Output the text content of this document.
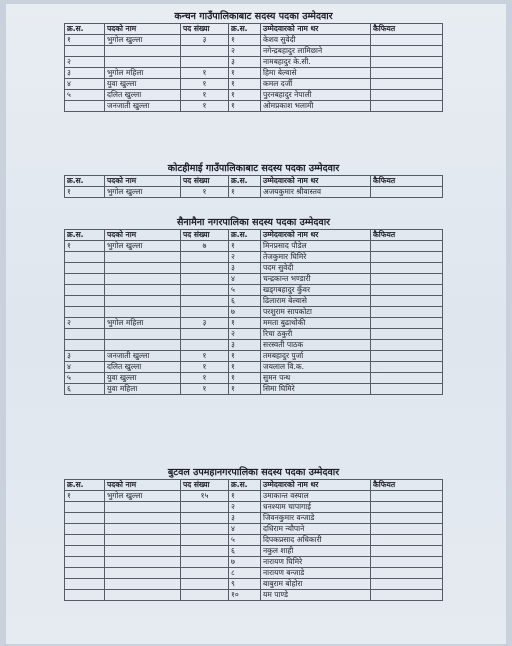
कन्चन गाउँपालिकाबाट सदस्य पदका उम्मेदवार
क्र.स.	पदको नाम	पद संख्या	क्र.स.	उम्मेदवारको नाम थर	कैफियत
१	भुगोल खुल्ला	३	१	केशव सुवेदी	
			२	नगेन्द्रबहादुर लामिछाने	
२			३	नामबहादुर के.सी.	
३	भुगोल महिला	१	१	हिमा बेल्वासे	
४	युवा खुल्ला	१	१	कमल दर्जी	
५	दलित खुल्ला	१	१	पुरनबहादुर नेपाली	
	जनजाती खुल्ला	१	१	ओमप्रकाश भलामी	
कोटहीमाई गाउँपालिकाबाट सदस्य पदका उम्मेदवार
क्र.स.	पदको नाम	पद संख्या	क्र.स.	उम्मेदवारको नाम थर	कैफियत
१	भुगोल खुल्ला	१	१	अजयकुमार श्रीवास्तव	
सैनामैना नगरपालिका सदस्य पदका उम्मेदवार
क्र.स.	पदको नाम	पद संख्या	क्र.स.	उम्मेदवारको नाम थर	कैफियत
१	भुगोल खुल्ला	७	१	मिनप्रसाद पौडेल	
			२	तेजकुमार घिमिरे	
			३	पदम सुवेदी	
			४	चन्द्रकान्त भण्डारी	
			५	खड्गबहादुर कुँवर	
			६	ढिलाराम बेल्वासे	
			७	परशुराम सापकोटा	
२	भुगोल महिला	३	१	ममता बुढाथोकी	
			२	रिचा ठकुरी	
			३	सरस्वती पाठक	
३	जनजाती खुल्ला	१	१	तमबहादुर पुर्जा	
४	दलित खुल्ला	१	१	जयलाल वि.क.	
५	युवा खुल्ला	१	१	सुमन पन्थ	
६	युवा महिला	१	१	सिमा घिमिरे	
बुटवल उपमहानगरपालिका सदस्य पदका उम्मेदवार
क्र.स.	पदको नाम	पद संख्या	क्र.स.	उम्मेदवारको नाम थर	कैफियत
१	भुगोल खुल्ला	१५	१	उमाकान्त वस्याल	
			२	धनश्याम चापागाई	
			३	जिवनकुमार वन्जाडे	
			४	दधिराम न्यौपाने	
			५	दिपकप्रसाद अधिकारी	
			६	नकुल शाही	
			७	नारायण घिमिरे	
			८	नारायण बन्जाडे	
			९	बाबुराम बोहोरा	
			१०	यम पाण्डे	
